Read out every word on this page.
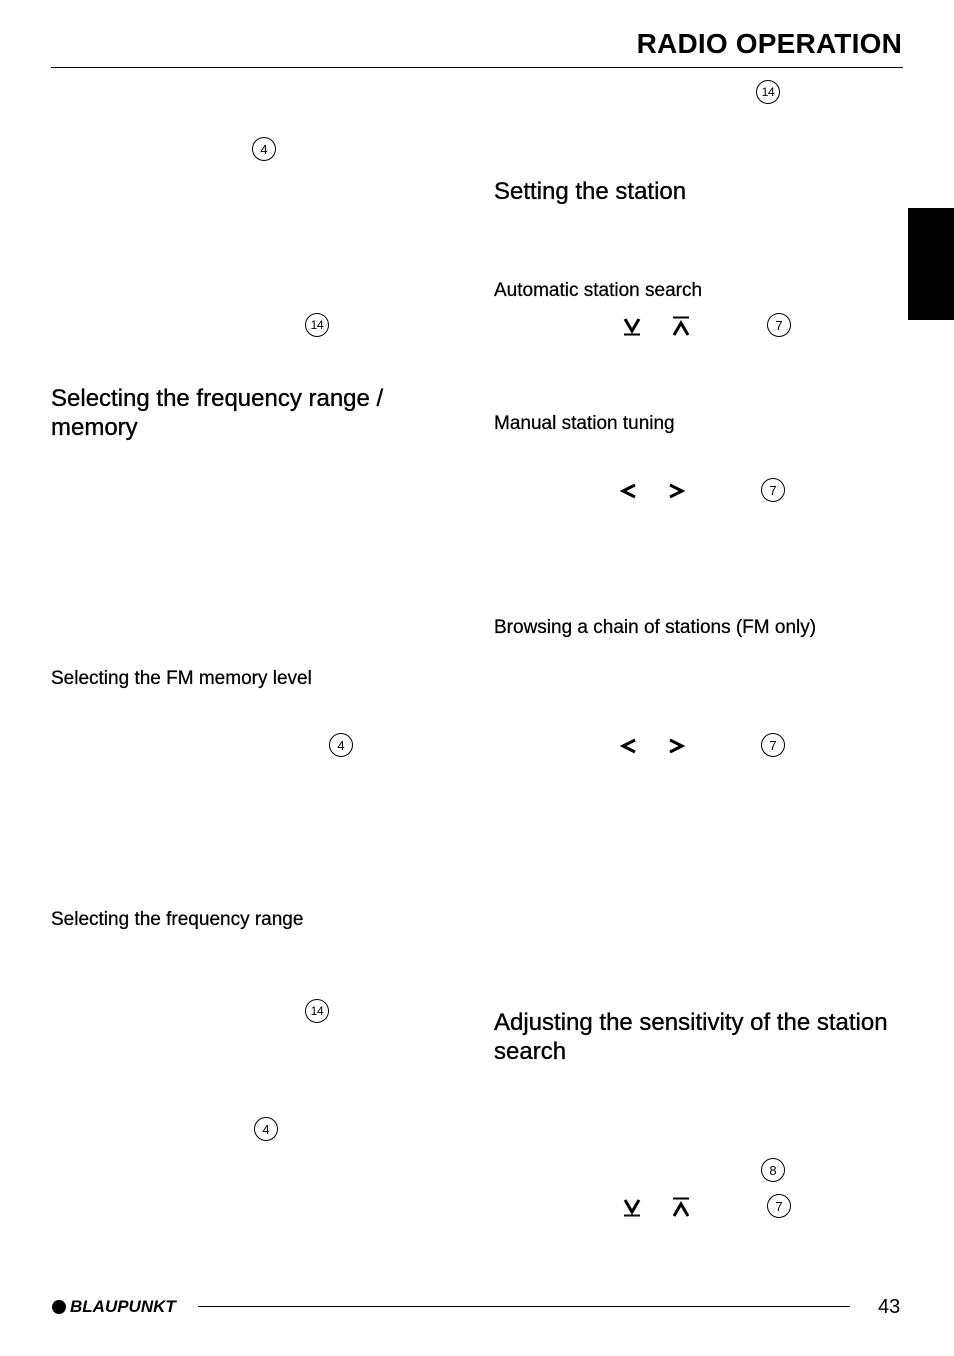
RADIO OPERATION
14
4
14
Selecting the frequency range / memory
Selecting the FM memory level
4
Selecting the frequency range
14
4
Setting the station
Automatic station search
7
Manual station tuning
7
Browsing a chain of stations (FM only)
7
Adjusting the sensitivity of the station search
8
7
BLAUPUNKT	43
